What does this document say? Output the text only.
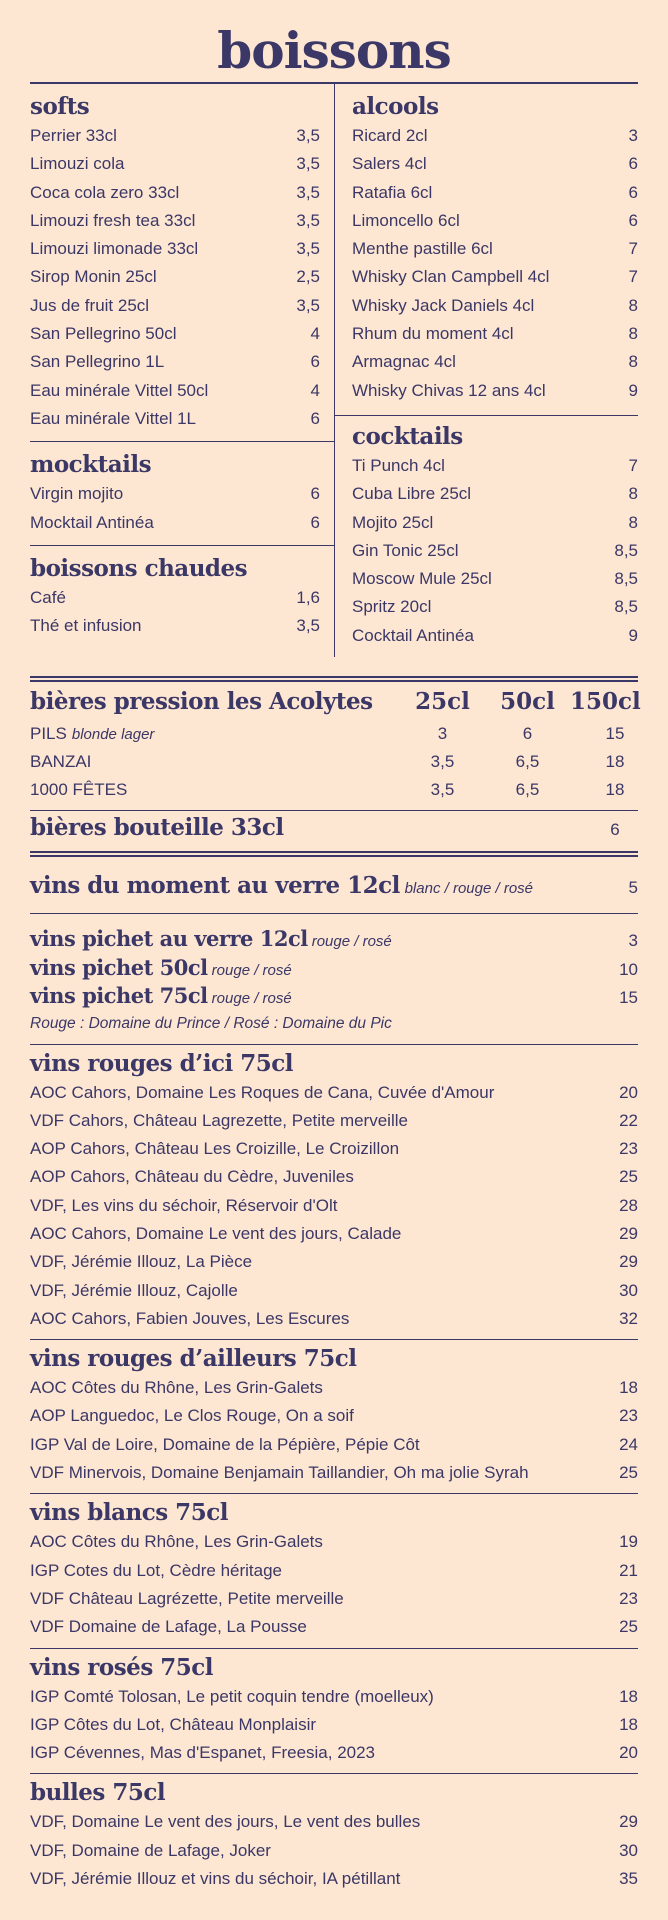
boissons
softs
Perrier 33cl	3,5
Limouzi cola	3,5
Coca cola zero 33cl	3,5
Limouzi fresh tea 33cl	3,5
Limouzi limonade 33cl	3,5
Sirop Monin 25cl	2,5
Jus de fruit 25cl	3,5
San Pellegrino 50cl	4
San Pellegrino 1L	6
Eau minérale Vittel 50cl	4
Eau minérale Vittel 1L	6
mocktails
Virgin mojito	6
Mocktail Antinéa	6
boissons chaudes
Café	1,6
Thé et infusion	3,5
alcools
Ricard 2cl	3
Salers 4cl	6
Ratafia 6cl	6
Limoncello 6cl	6
Menthe pastille 6cl	7
Whisky Clan Campbell 4cl	7
Whisky Jack Daniels 4cl	8
Rhum du moment 4cl	8
Armagnac 4cl	8
Whisky Chivas 12 ans 4cl	9
cocktails
Ti Punch 4cl	7
Cuba Libre 25cl	8
Mojito 25cl	8
Gin Tonic 25cl	8,5
Moscow Mule 25cl	8,5
Spritz 20cl	8,5
Cocktail Antinéa	9
bières pression les Acolytes	25cl	50cl 150cl
PILS blonde lager	3	6	15
BANZAI	3,5	6,5	18
1000 FÊTES	3,5	6,5	18
bières bouteille 33cl	6
vins du moment au verre 12cl blanc / rouge / rosé	5
vins pichet au verre 12cl rouge / rosé	3
vins pichet 50cl rouge / rosé	10
vins pichet 75cl rouge / rosé	15
Rouge : Domaine du Prince / Rosé : Domaine du Pic
vins rouges d’ici 75cl
AOC Cahors, Domaine Les Roques de Cana, Cuvée d'Amour	20
VDF Cahors, Château Lagrezette, Petite merveille	22
AOP Cahors, Château Les Croizille, Le Croizillon	23
AOP Cahors, Château du Cèdre, Juveniles	25
VDF, Les vins du séchoir, Réservoir d'Olt	28
AOC Cahors, Domaine Le vent des jours, Calade	29
VDF, Jérémie Illouz, La Pièce	29
VDF, Jérémie Illouz, Cajolle	30
AOC Cahors, Fabien Jouves, Les Escures	32
vins rouges d’ailleurs 75cl
AOC Côtes du Rhône, Les Grin-Galets	18
AOP Languedoc, Le Clos Rouge, On a soif	23
IGP Val de Loire, Domaine de la Pépière, Pépie Côt	24
VDF Minervois, Domaine Benjamain Taillandier, Oh ma jolie Syrah	25
vins blancs 75cl
AOC Côtes du Rhône, Les Grin-Galets	19
IGP Cotes du Lot, Cèdre héritage	21
VDF Château Lagrézette, Petite merveille	23
VDF Domaine de Lafage, La Pousse	25
vins rosés 75cl
IGP Comté Tolosan, Le petit coquin tendre (moelleux)	18
IGP Côtes du Lot, Château Monplaisir	18
IGP Cévennes, Mas d'Espanet, Freesia, 2023	20
bulles 75cl
VDF, Domaine Le vent des jours, Le vent des bulles	29
VDF, Domaine de Lafage, Joker	30
VDF, Jérémie Illouz et vins du séchoir, IA pétillant	35
